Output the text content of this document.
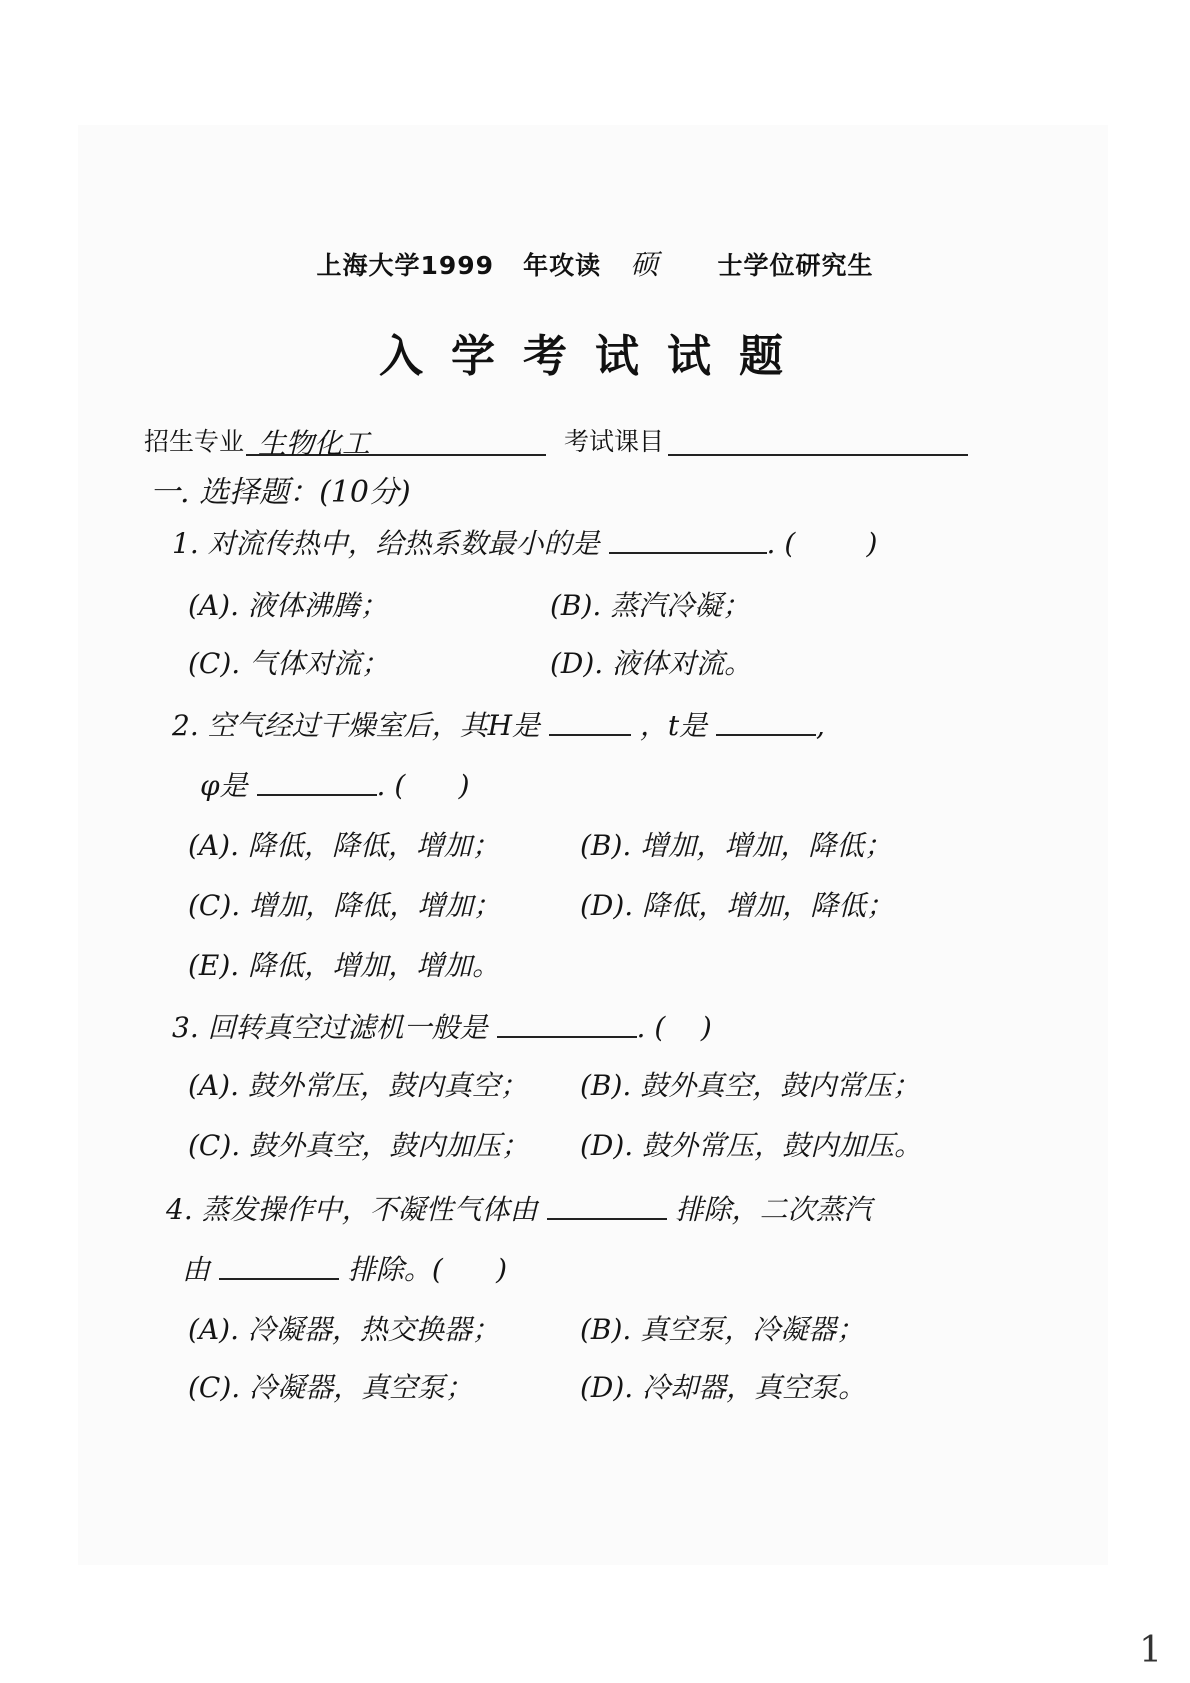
上海大学1999 年攻读 硕 士学位研究生
入学考试试题
招生专业 生物化工	考试课目
一. 选择题：(10分)
1. 对流传热中，给热系数最小的是	. (	)
(A). 液体沸腾；	(B). 蒸汽冷凝；
(C). 气体对流；	(D). 液体对流。
2. 空气经过干燥室后，其H是	，t是	,
φ是	. ( )
(A). 降低，降低，增加；	(B). 增加，增加，降低；
(C). 增加，降低，增加；	(D). 降低，增加，降低；
(E). 降低，增加，增加。
3. 回转真空过滤机一般是	. ( )
(A). 鼓外常压，鼓内真空； (B). 鼓外真空，鼓内常压；
(C). 鼓外真空，鼓内加压； (D). 鼓外常压，鼓内加压。
4. 蒸发操作中，不凝性气体由	排除，二次蒸汽
由	排除。( )
(A). 冷凝器，热交换器；	(B). 真空泵，冷凝器；
(C). 冷凝器，真空泵；	(D). 冷却器，真空泵。
1
